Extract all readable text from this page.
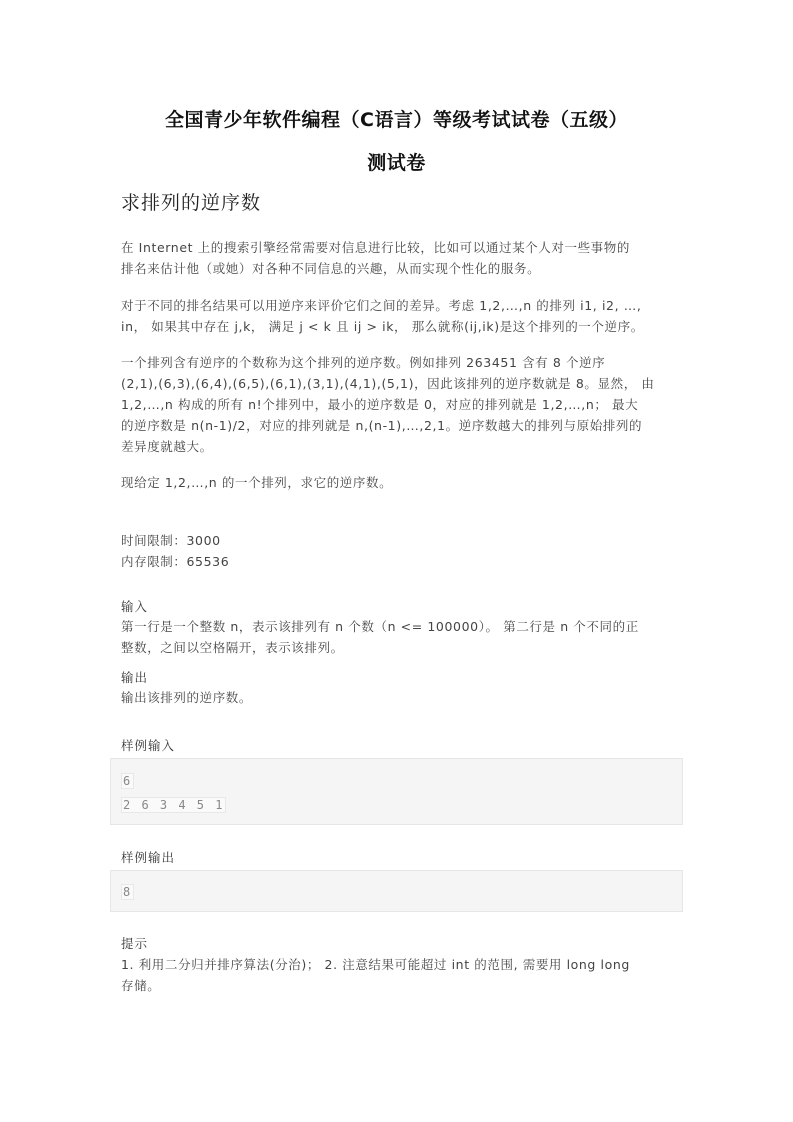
全国青少年软件编程（C语言）等级考试试卷（五级）
测试卷
求排列的逆序数
在 Internet 上的搜索引擎经常需要对信息进行比较，比如可以通过某个人对一些事物的
排名来估计他（或她）对各种不同信息的兴趣，从而实现个性化的服务。
对于不同的排名结果可以用逆序来评价它们之间的差异。考虑 1,2,…,n 的排列 i1, i2, …,
in， 如果其中存在 j,k， 满足 j < k 且 ij > ik， 那么就称(ij,ik)是这个排列的一个逆序。
一个排列含有逆序的个数称为这个排列的逆序数。例如排列 263451 含有 8 个逆序
(2,1),(6,3),(6,4),(6,5),(6,1),(3,1),(4,1),(5,1)，因此该排列的逆序数就是 8。显然， 由
1,2,…,n 构成的所有 n!个排列中，最小的逆序数是 0，对应的排列就是 1,2,…,n； 最大
的逆序数是 n(n-1)/2，对应的排列就是 n,(n-1),…,2,1。逆序数越大的排列与原始排列的
差异度就越大。
现给定 1,2,…,n 的一个排列，求它的逆序数。
时间限制：3000
内存限制：65536
输入
第一行是一个整数 n，表示该排列有 n 个数（n <= 100000）。 第二行是 n 个不同的正
整数，之间以空格隔开，表示该排列。
输出
输出该排列的逆序数。
样例输入
6
2 6 3 4 5 1
样例输出
8
提示
1. 利用二分归并排序算法(分治)； 2. 注意结果可能超过 int 的范围, 需要用 long long
存储。
